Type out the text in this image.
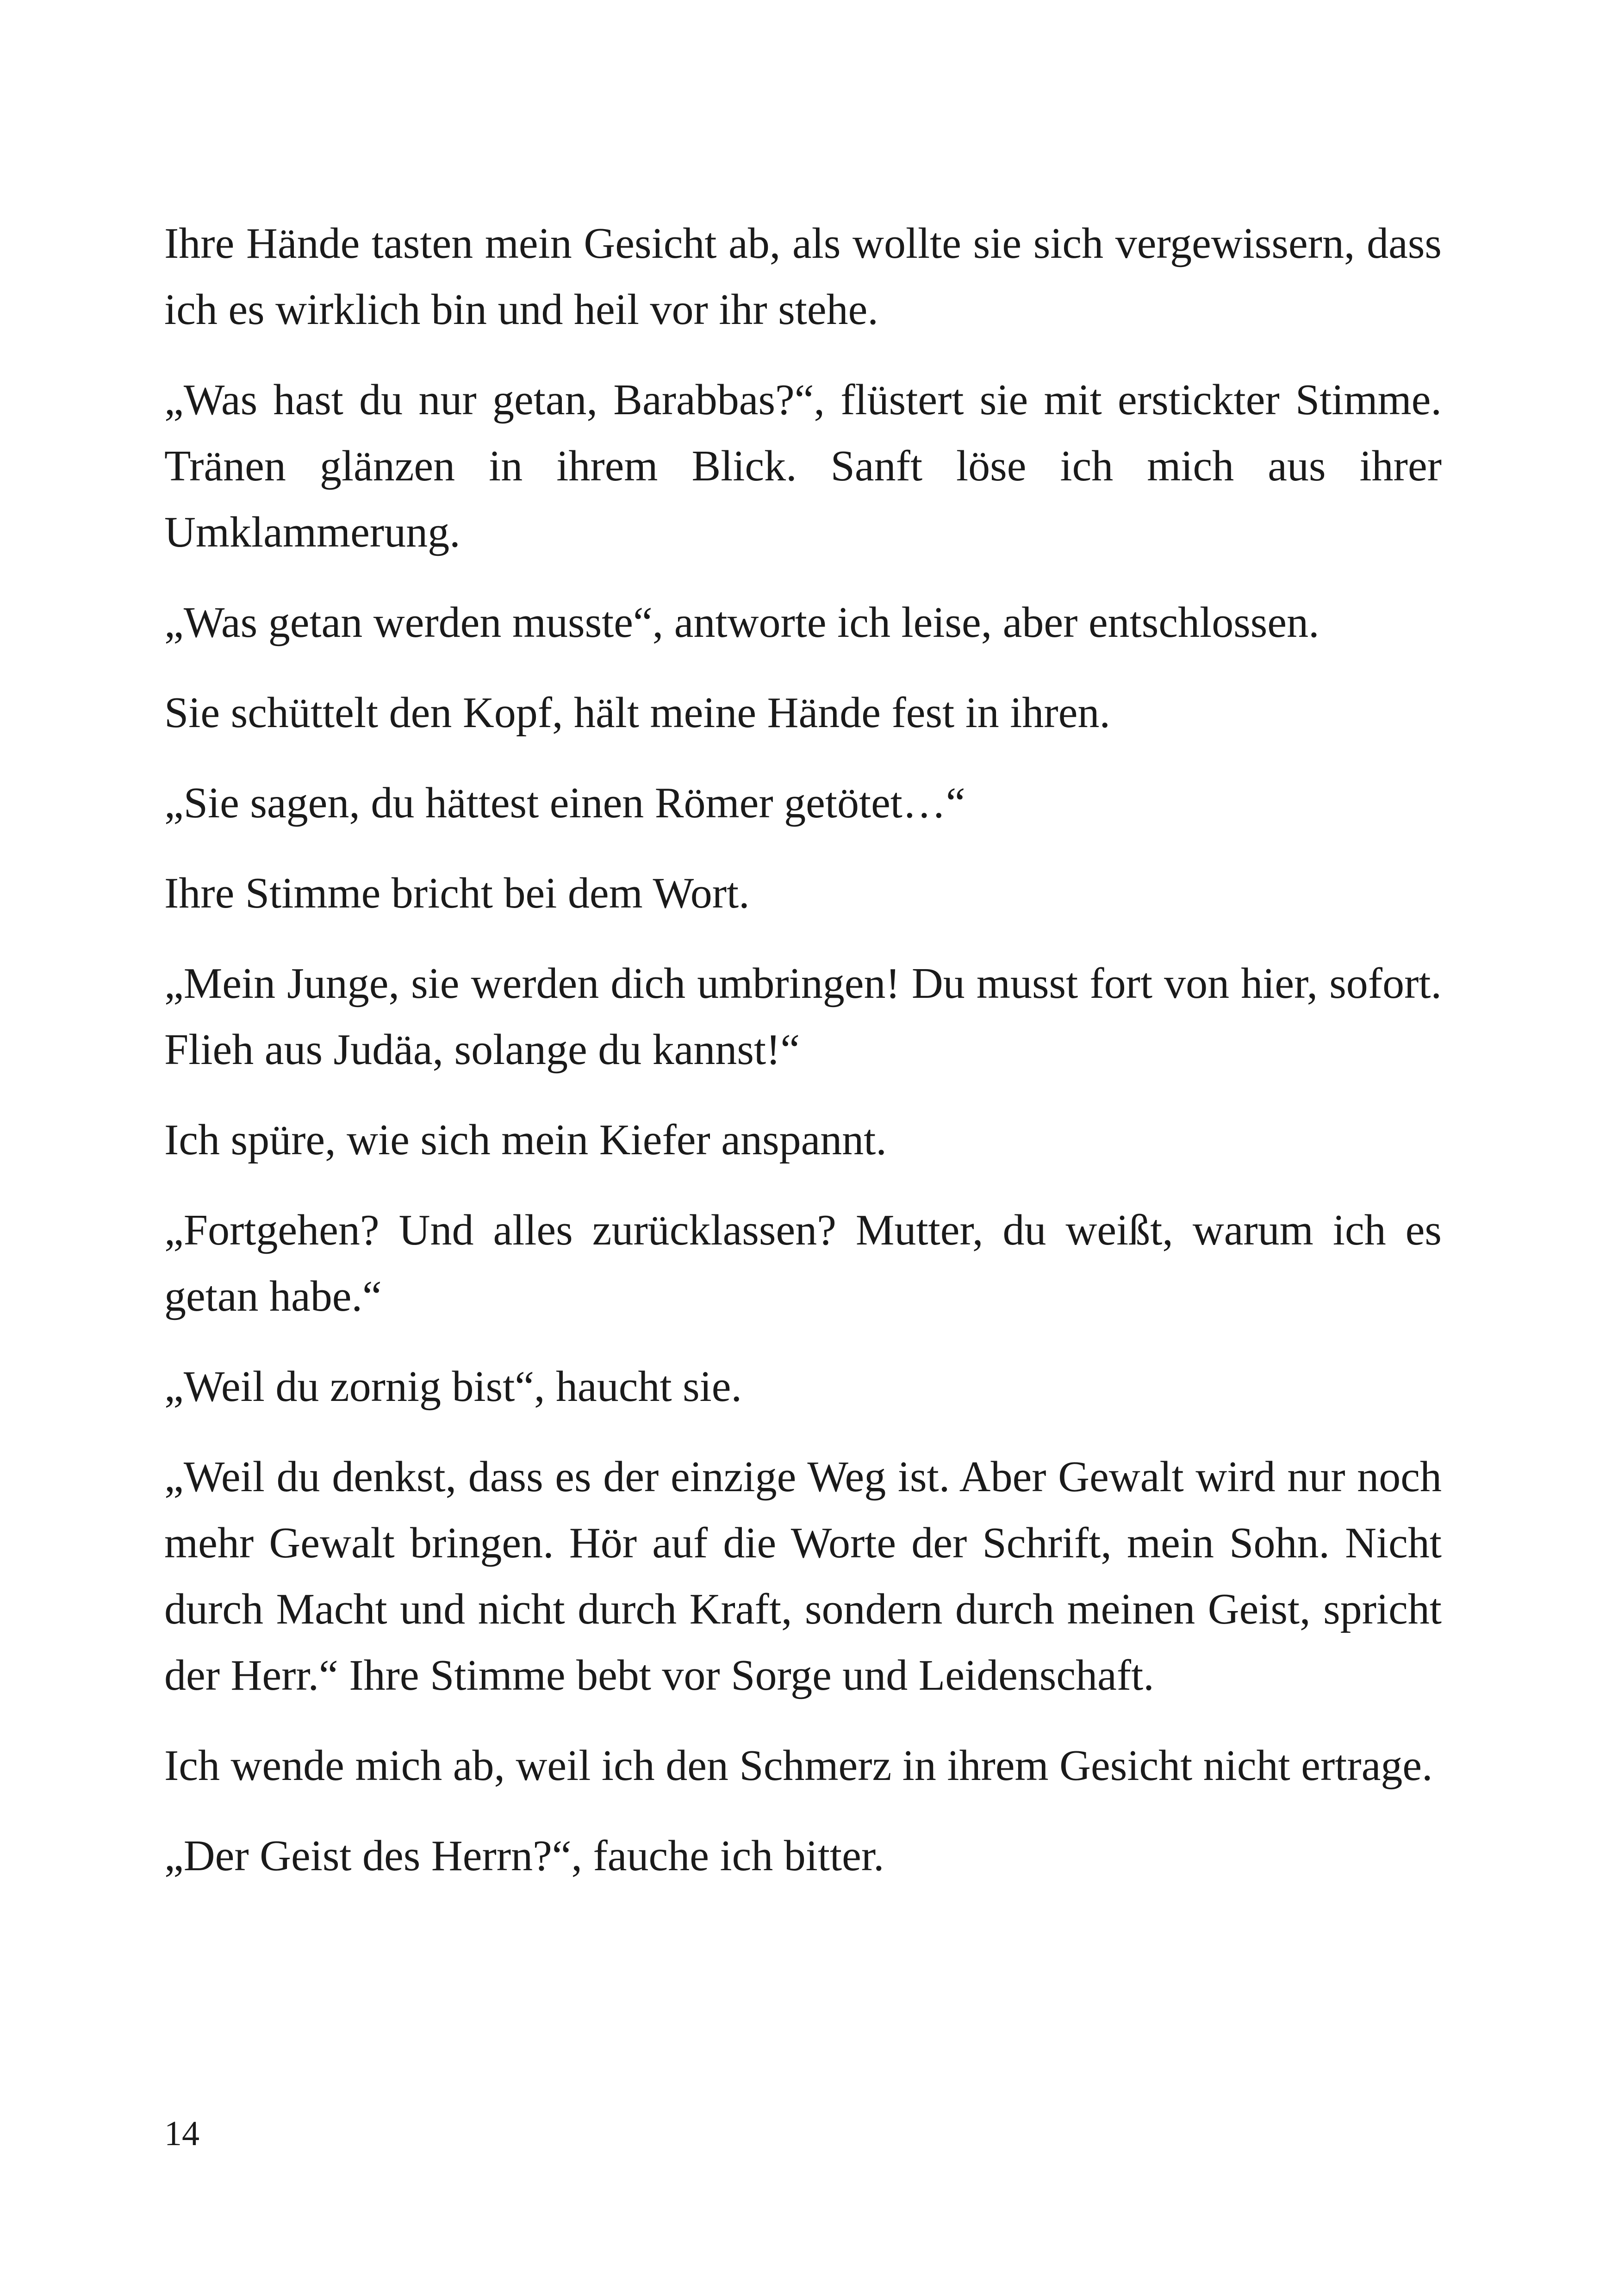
Ihre Hände tasten mein Gesicht ab, als wollte sie sich vergewissern, dass ich es wirklich bin und heil vor ihr stehe.

„Was hast du nur getan, Barabbas?“, flüstert sie mit erstickter Stimme. Tränen glänzen in ihrem Blick. Sanft löse ich mich aus ihrer Umklammerung.

„Was getan werden musste“, antworte ich leise, aber entschlossen.

Sie schüttelt den Kopf, hält meine Hände fest in ihren.

„Sie sagen, du hättest einen Römer getötet…“

Ihre Stimme bricht bei dem Wort.

„Mein Junge, sie werden dich umbringen! Du musst fort von hier, sofort. Flieh aus Judäa, solange du kannst!“

Ich spüre, wie sich mein Kiefer anspannt.

„Fortgehen? Und alles zurücklassen? Mutter, du weißt, warum ich es getan habe.“

„Weil du zornig bist“, haucht sie.

„Weil du denkst, dass es der einzige Weg ist. Aber Gewalt wird nur noch mehr Gewalt bringen. Hör auf die Worte der Schrift, mein Sohn. Nicht durch Macht und nicht durch Kraft, sondern durch meinen Geist, spricht der Herr.“ Ihre Stimme bebt vor Sorge und Leidenschaft.

Ich wende mich ab, weil ich den Schmerz in ihrem Gesicht nicht ertrage.

„Der Geist des Herrn?“, fauche ich bitter.

14
